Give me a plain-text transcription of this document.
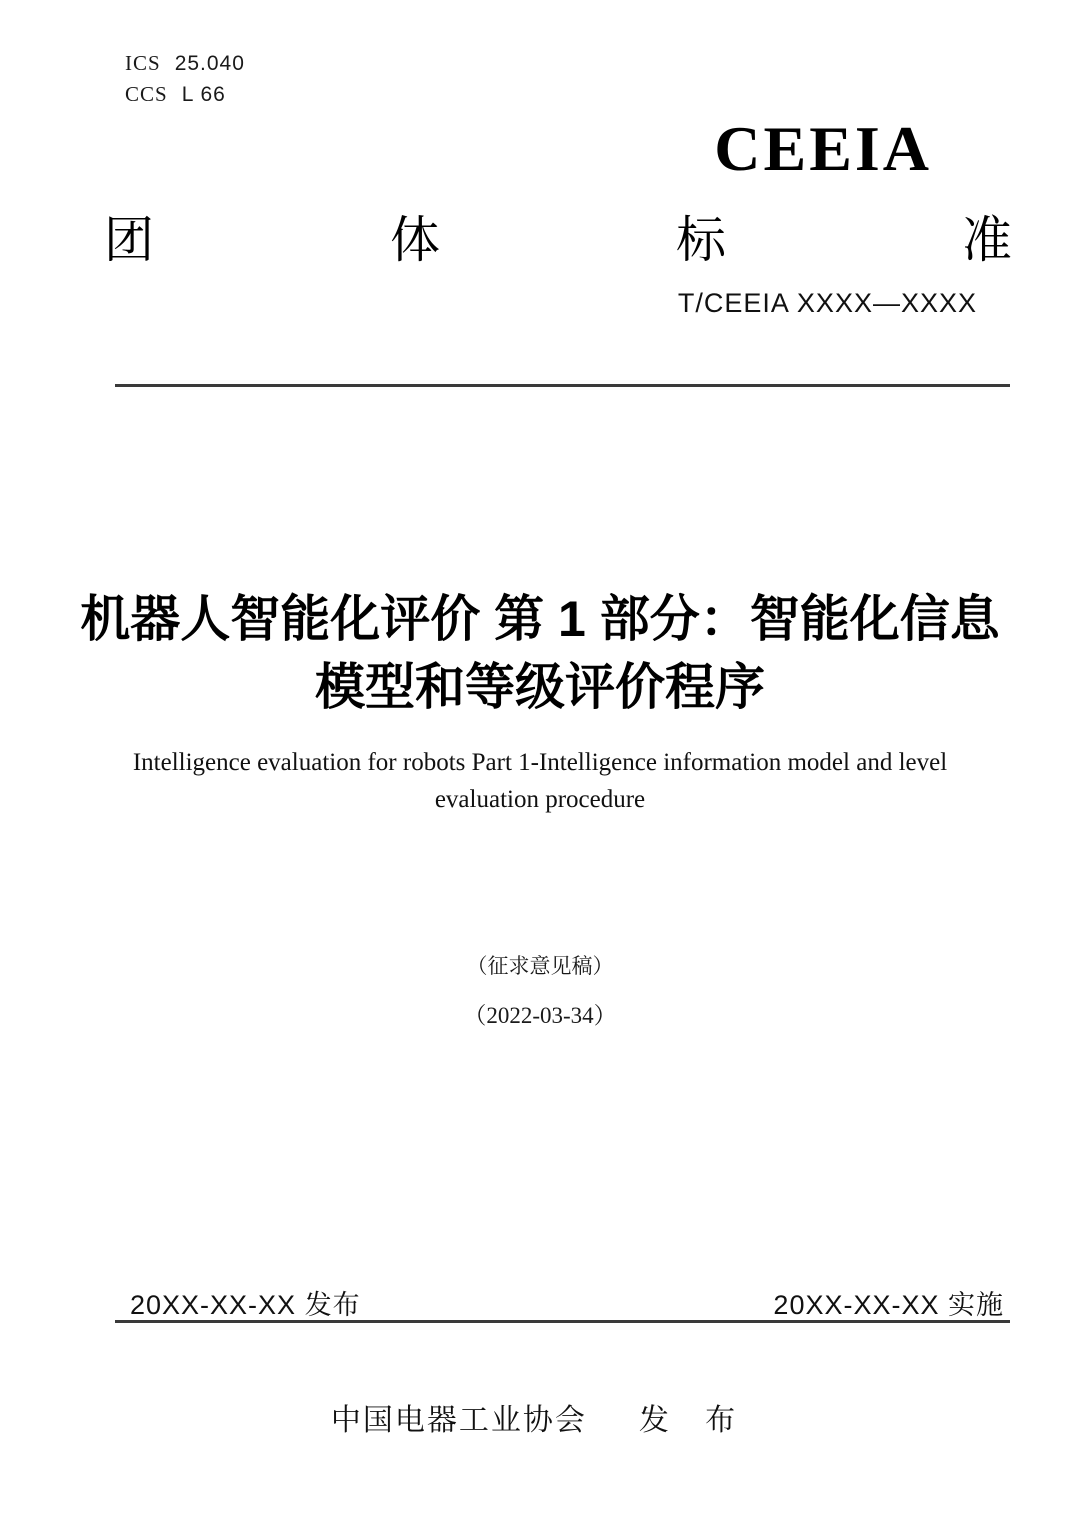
ICS 25.040
CCS L 66
CEEIA
团	体	标	准
T/CEEIA XXXX—XXXX
机器人智能化评价 第 1 部分：智能化信息
模型和等级评价程序
Intelligence evaluation for robots Part 1-Intelligence information model and level
evaluation procedure
（征求意见稿）
（2022-03-34）
20XX-XX-XX 发布	20XX-XX-XX 实施
中国电器工业协会 发 布
